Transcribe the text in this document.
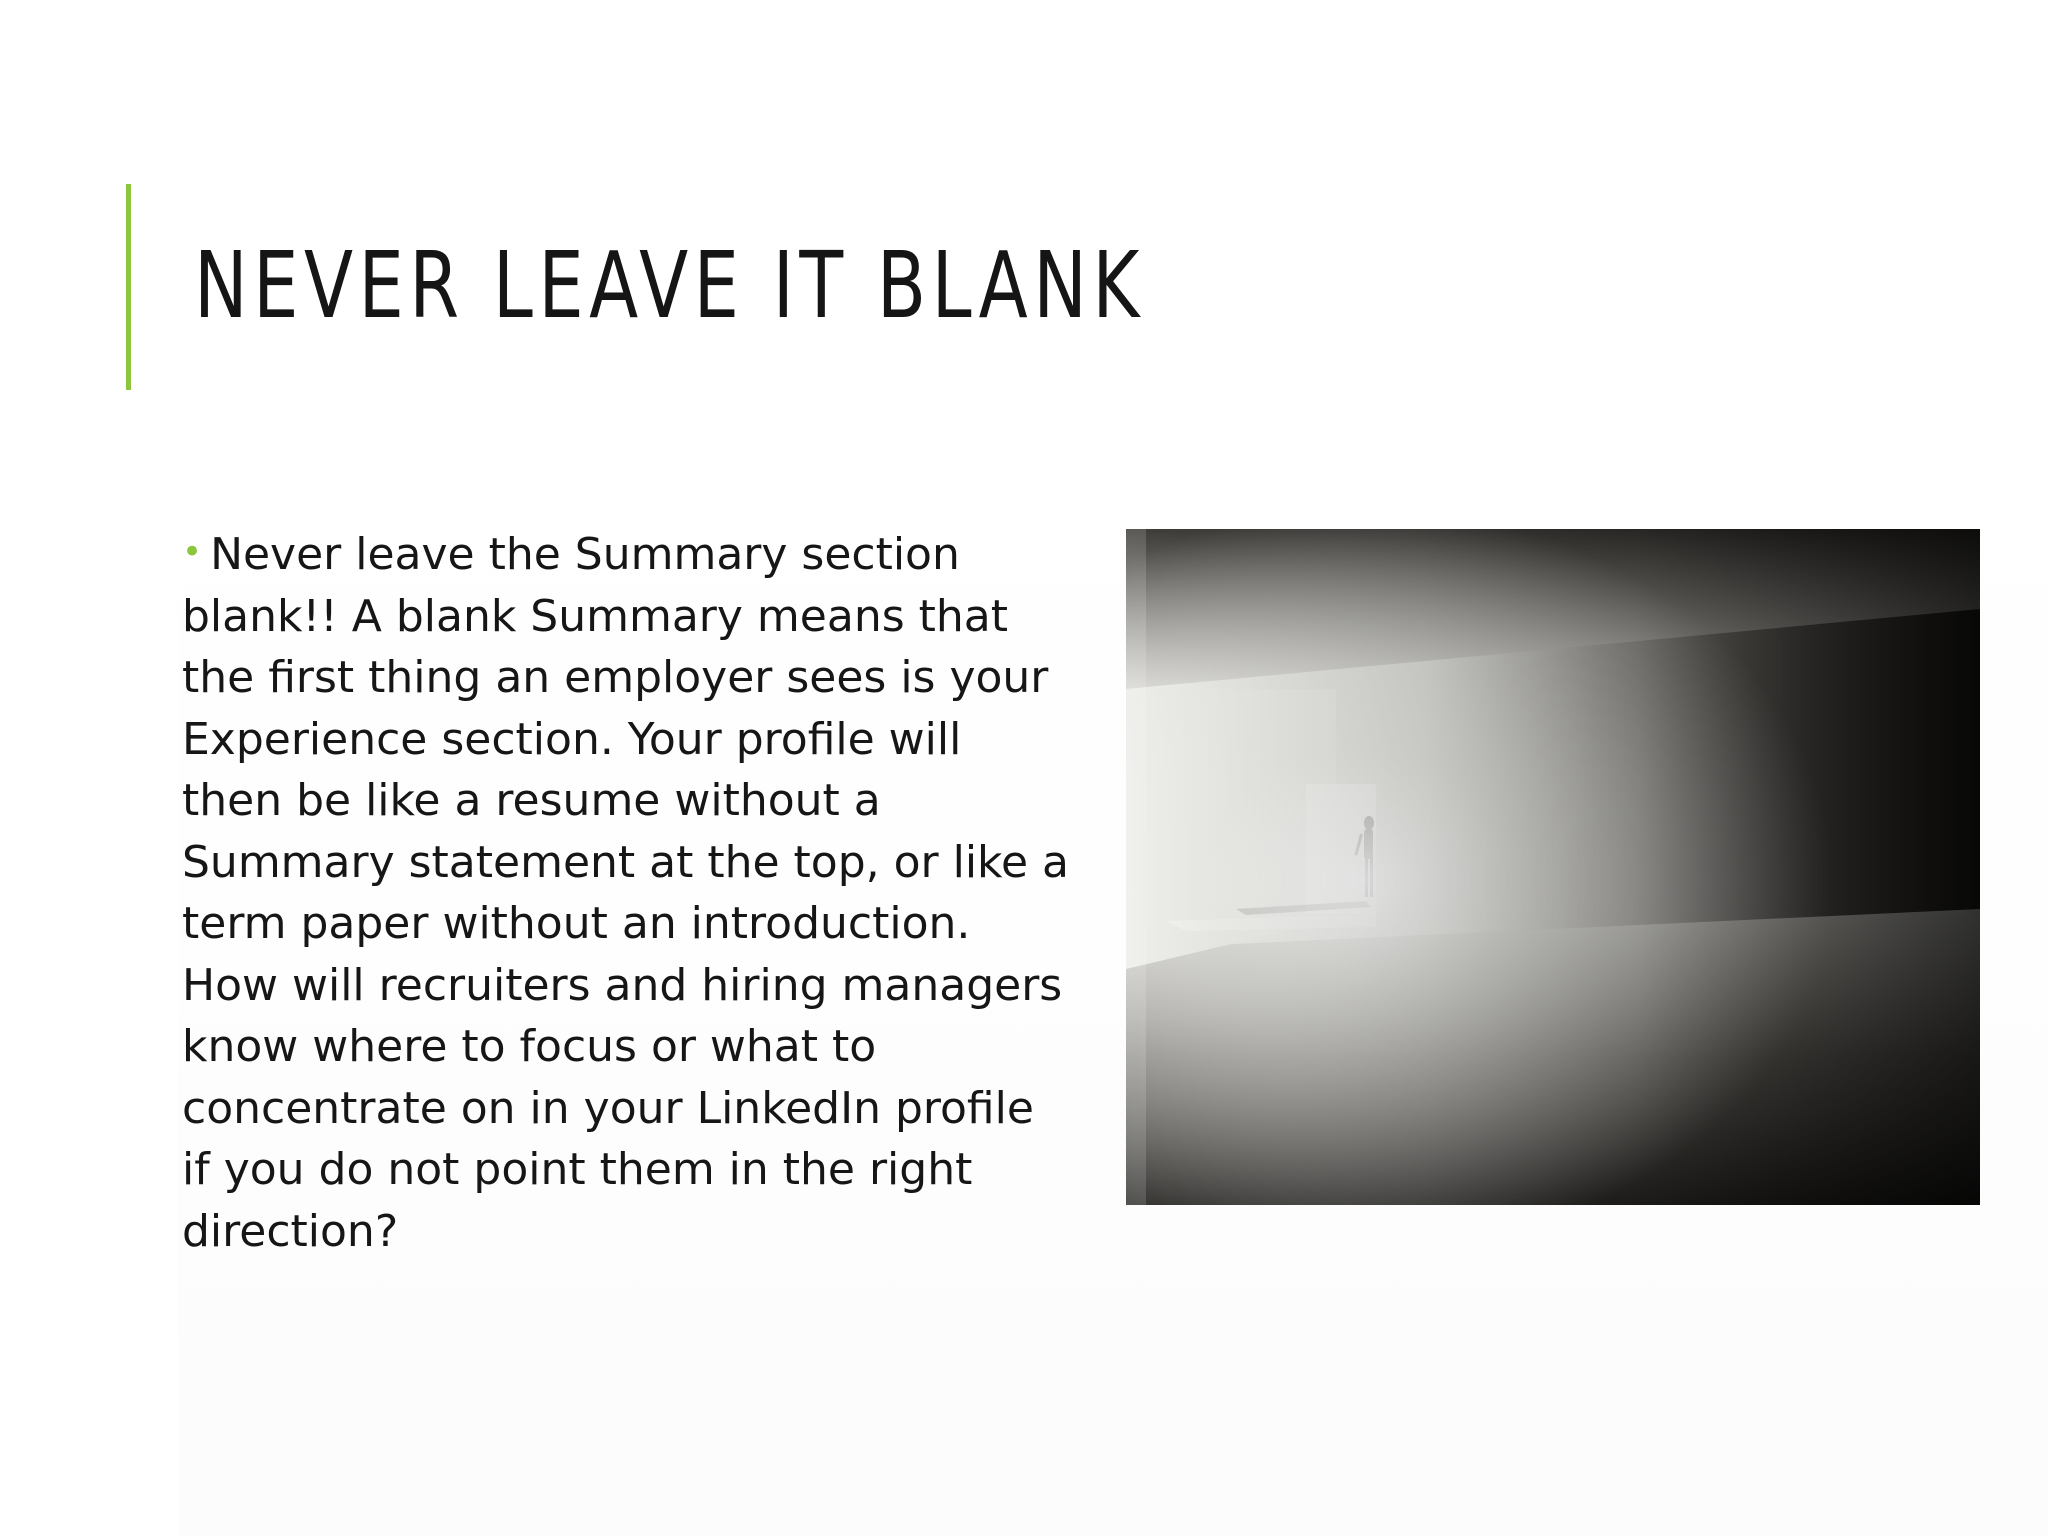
NEVER LEAVE IT BLANK

• Never leave the Summary section blank!! A blank Summary means that the first thing an employer sees is your Experience section. Your profile will then be like a resume without a Summary statement at the top, or like a term paper without an introduction. How will recruiters and hiring managers know where to focus or what to concentrate on in your LinkedIn profile if you do not point them in the right direction?
